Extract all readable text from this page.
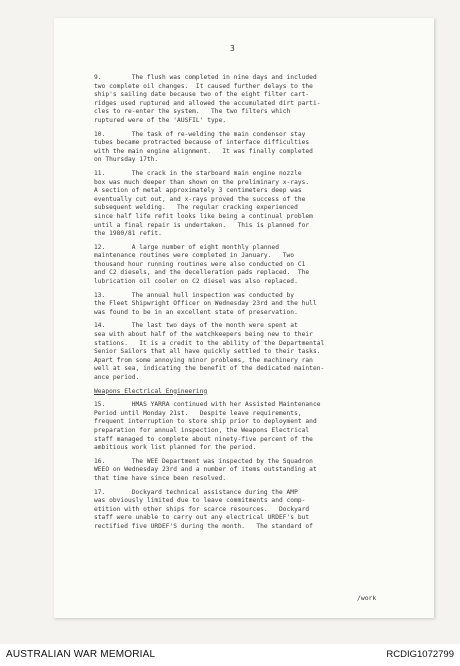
3
9.        The flush was completed in nine days and included
two complete oil changes.  It caused further delays to the
ship's sailing date because two of the eight filter cart-
ridges used ruptured and allowed the accumulated dirt parti-
cles to re-enter the system.   The two filters which
ruptured were of the 'AUSFIL' type.
10.       The task of re-welding the main condensor stay
tubes became protracted because of interface difficulties
with the main engine alignment.   It was finally completed
on Thursday 17th.
11.       The crack in the starboard main engine nozzle
box was much deeper than shown on the preliminary x-rays.
A section of metal approximately 3 centimeters deep was
eventually cut out, and x-rays proved the success of the
subsequent welding.   The regular cracking experienced
since half life refit looks like being a continual problem
until a final repair is undertaken.   This is planned for
the 1980/81 refit.
12.       A large number of eight monthly planned
maintenance routines were completed in January.   Two
thousand hour running routines were also conducted on C1
and C2 diesels, and the decelleration pads replaced.  The
lubrication oil cooler on C2 diesel was also replaced.
13.       The annual hull inspection was conducted by
the Fleet Shipwright Officer on Wednesday 23rd and the hull
was found to be in an excellent state of preservation.
14.       The last two days of the month were spent at
sea with about half of the watchkeepers being new to their
stations.   It is a credit to the ability of the Departmental
Senior Sailors that all have quickly settled to their tasks.
Apart from some annoying minor problems, the machinery ran
well at sea, indicating the benefit of the dedicated mainten-
ance period.
Weapons Electrical Engineering
15.       HMAS YARRA continued with her Assisted Maintenance
Period until Monday 21st.   Despite leave requirements,
frequent interruption to store ship prior to deployment and
preparation for annual inspection, the Weapons Electrical
staff managed to complete about ninety-five percent of the
ambitious work list planned for the period.
16.       The WEE Department was inspected by the Squadron
WEEO on Wednesday 23rd and a number of items outstanding at
that time have since been resolved.
17.       Dockyard technical assistance during the AMP
was obviously limited due to leave commitments and comp-
etition with other ships for scarce resources.   Dockyard
staff were unable to carry out any electrical URDEF's but
rectified five URDEF'S during the month.   The standard of
/work
AUSTRALIAN WAR MEMORIAL	RCDIG1072799
